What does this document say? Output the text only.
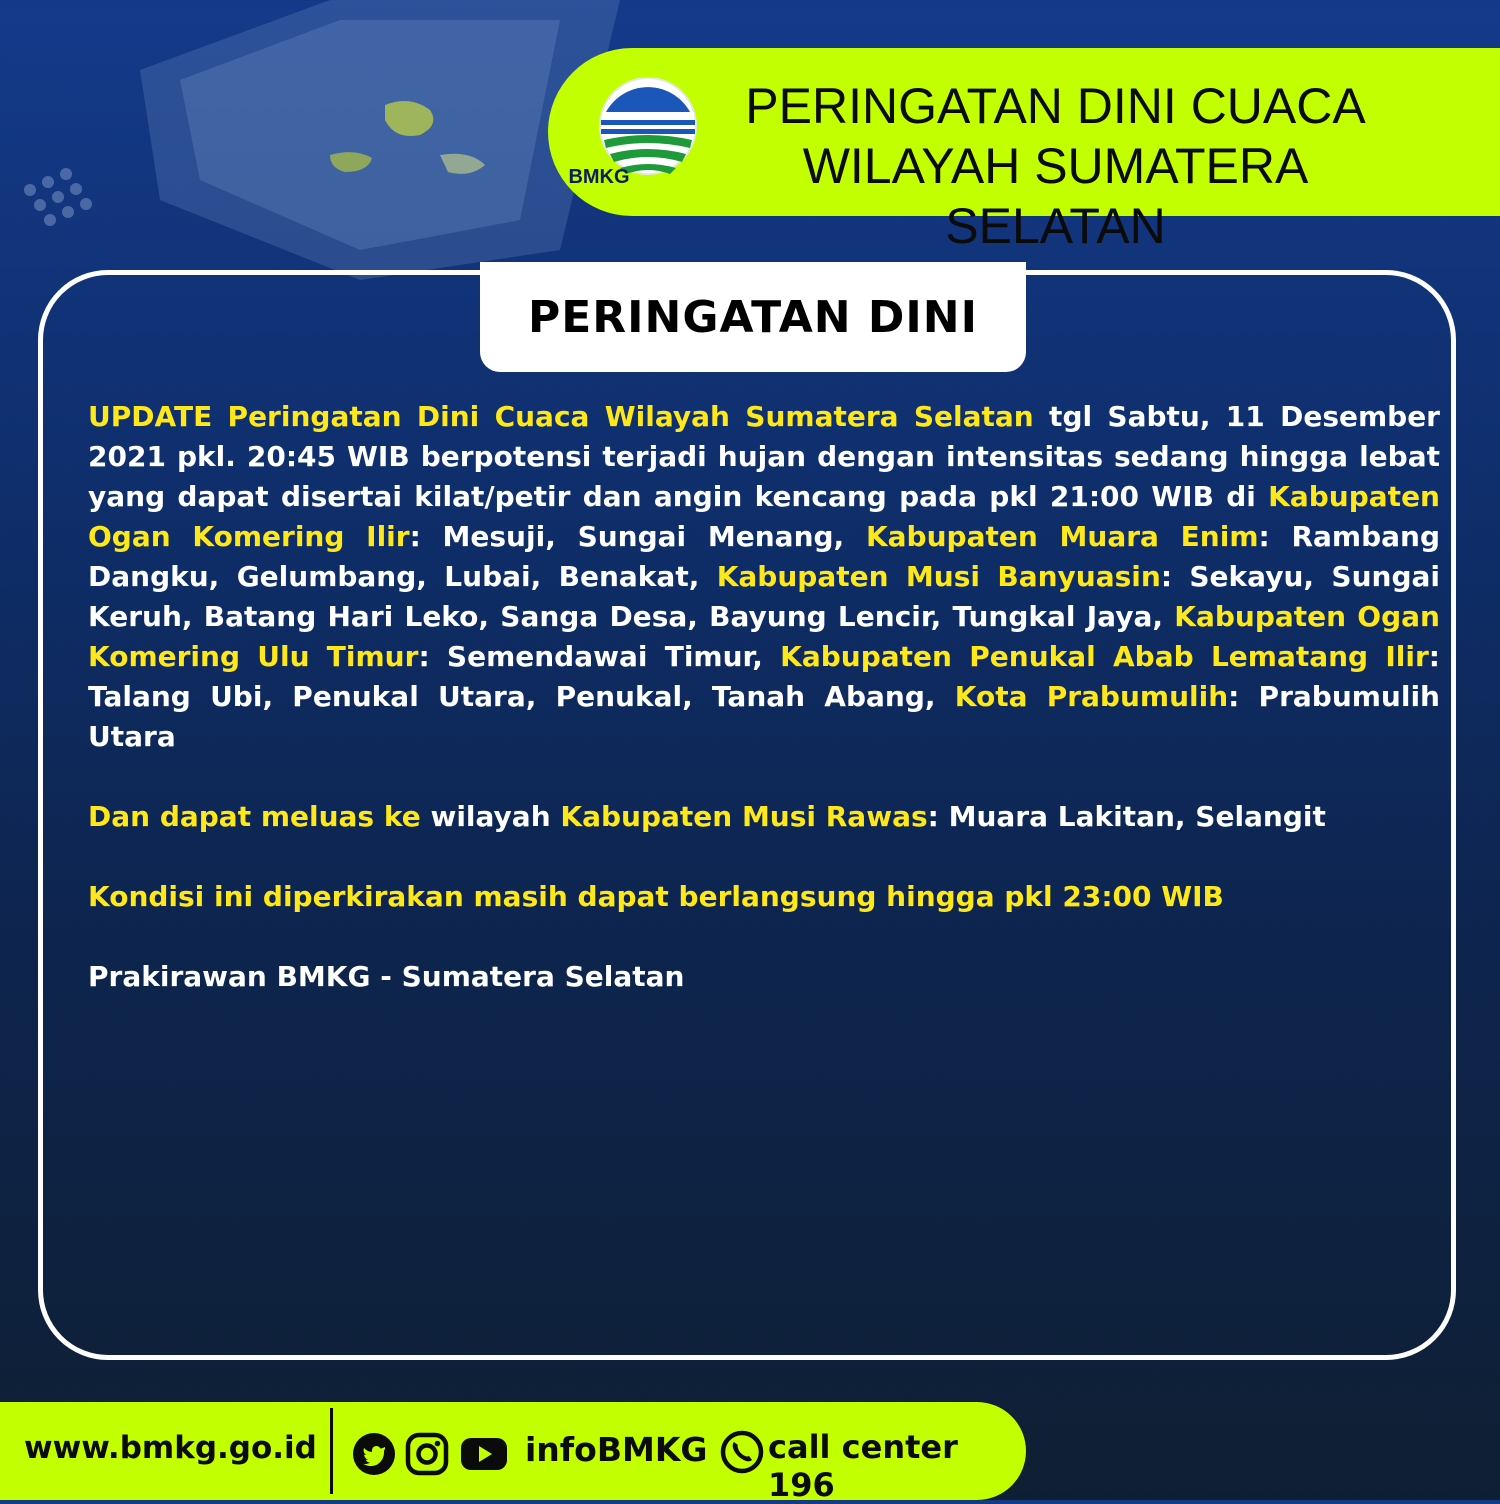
BMKG
PERINGATAN DINI CUACA
WILAYAH SUMATERA SELATAN
PERINGATAN DINI

UPDATE Peringatan Dini Cuaca Wilayah Sumatera Selatan tgl Sabtu, 11 Desember 2021 pkl. 20:45 WIB berpotensi terjadi hujan dengan intensitas sedang hingga lebat yang dapat disertai kilat/petir dan angin kencang pada pkl 21:00 WIB di Kabupaten Ogan Komering Ilir: Mesuji, Sungai Menang, Kabupaten Muara Enim: Rambang Dangku, Gelumbang, Lubai, Benakat, Kabupaten Musi Banyuasin: Sekayu, Sungai Keruh, Batang Hari Leko, Sanga Desa, Bayung Lencir, Tungkal Jaya, Kabupaten Ogan Komering Ulu Timur: Semendawai Timur, Kabupaten Penukal Abab Lematang Ilir: Talang Ubi, Penukal Utara, Penukal, Tanah Abang, Kota Prabumulih: Prabumulih Utara

Dan dapat meluas ke wilayah Kabupaten Musi Rawas: Muara Lakitan, Selangit

Kondisi ini diperkirakan masih dapat berlangsung hingga pkl 23:00 WIB

Prakirawan BMKG - Sumatera Selatan

www.bmkg.go.id	infoBMKG call center 196
